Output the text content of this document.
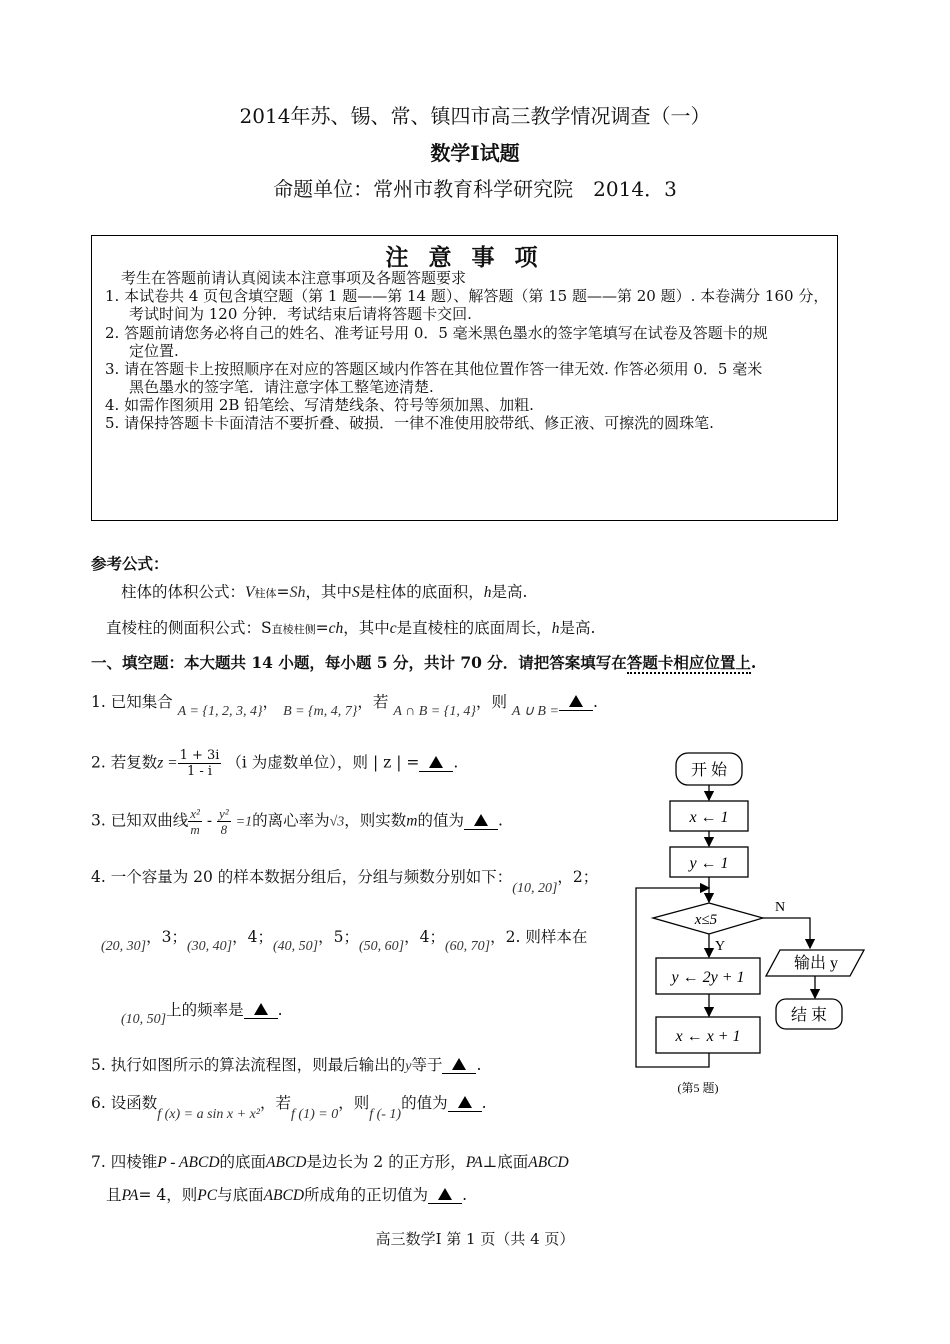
2014年苏、锡、常、镇四市高三教学情况调查（一）
数学Ⅰ试题
命题单位：常州市教育科学研究院　2014．3
注 意 事 项
考生在答题前请认真阅读本注意事项及各题答题要求
1. 本试卷共 4 页包含填空题（第 1 题——第 14 题）、解答题（第 15 题——第 20 题）. 本卷满分 160 分，
考试时间为 120 分钟．考试结束后请将答题卡交回.
2. 答题前请您务必将自己的姓名、准考证号用 0．5 毫米黑色墨水的签字笔填写在试卷及答题卡的规
定位置.
3. 请在答题卡上按照顺序在对应的答题区域内作答在其他位置作答一律无效. 作答必须用 0．5 毫米
黑色墨水的签字笔．请注意字体工整笔迹清楚.
4. 如需作图须用 2B 铅笔绘、写清楚线条、符号等须加黑、加粗.
5. 请保持答题卡卡面清洁不要折叠、破损．一律不准使用胶带纸、修正液、可擦洗的圆珠笔.
参考公式：
柱体的体积公式：V柱体=Sh，其中S是柱体的底面积，h是高.
直棱柱的侧面积公式：S直棱柱侧=ch，其中c是直棱柱的底面周长，h是高.
一、填空题：本大题共 14 小题，每小题 5 分，共计 70 分．请把答案填写在答题卡相应位置上.
1. 已知集合 A = {1, 2, 3, 4}， B = {m, 4, 7}，若 A ∩ B = {1, 4}，则 A ∪ B =.
2. 若复数$z = \frac{1 + 3i}{1 - i} (i$ 为虚数单位），则 | z | = .
3. 已知双曲线 $\frac{\text{x²}}{m} - \frac{\text{y²}}{8} =1$的离心率为√3，则实数m的值为 .
4. 一个容量为 20 的样本数据分组后，分组与频数分别如下：(10, 20]，2；
(20, 30]，3；(30, 40]，4；(40, 50]，5；(50, 60]，4；(60, 70]，2. 则样本在
(10, 50]上的频率是 .
5. 执行如图所示的算法流程图，则最后输出的y等于 .
6. 设函数f (x) = a sin x + x²，若f (1) = 0，则f (- 1)的值为 .
7. 四棱锥P - ABCD的底面ABCD是边长为 2 的正方形，PA⊥底面ABCD
且PA= 4，则PC与底面ABCD所成角的正切值为 .
开 始
x ← 1
y ← 1
x≤5
Y
N
y ← 2y + 1
x ← x + 1
输出 y
结 束
(第5 题)
高三数学Ⅰ 第 1 页（共 4 页）
